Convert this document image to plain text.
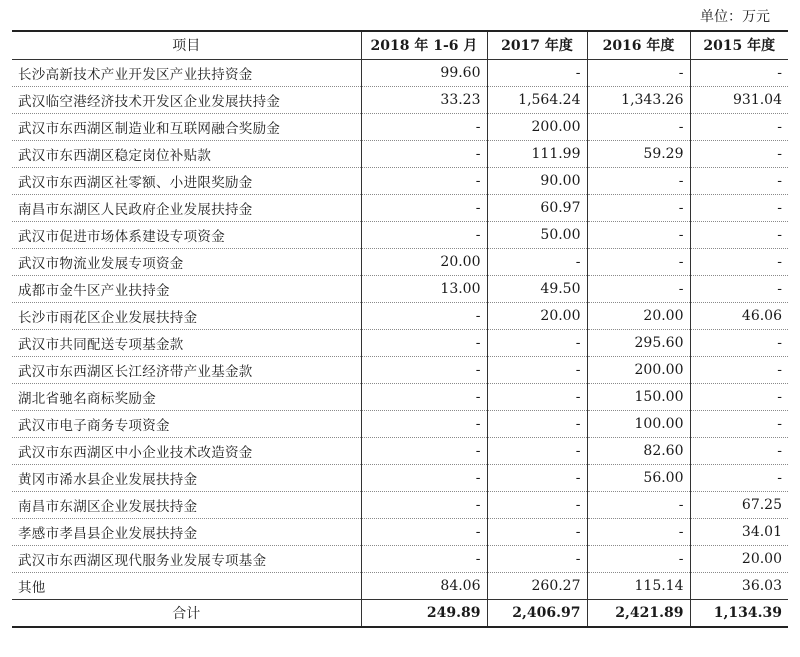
单位：万元
项目	2018 年 1-6 月	2017 年度	2016 年度	2015 年度
长沙高新技术产业开发区产业扶持资金	99.60	-	-	-
武汉临空港经济技术开发区企业发展扶持金	33.23	1,564.24	1,343.26	931.04
武汉市东西湖区制造业和互联网融合奖励金	-	200.00	-	-
武汉市东西湖区稳定岗位补贴款	-	111.99	59.29	-
武汉市东西湖区社零额、小进限奖励金	-	90.00	-	-
南昌市东湖区人民政府企业发展扶持金	-	60.97	-	-
武汉市促进市场体系建设专项资金	-	50.00	-	-
武汉市物流业发展专项资金	20.00	-	-	-
成都市金牛区产业扶持金	13.00	49.50	-	-
长沙市雨花区企业发展扶持金	-	20.00	20.00	46.06
武汉市共同配送专项基金款	-	-	295.60	-
武汉市东西湖区长江经济带产业基金款	-	-	200.00	-
湖北省驰名商标奖励金	-	-	150.00	-
武汉市电子商务专项资金	-	-	100.00	-
武汉市东西湖区中小企业技术改造资金	-	-	82.60	-
黄冈市浠水县企业发展扶持金	-	-	56.00	-
南昌市东湖区企业发展扶持金	-	-	-	67.25
孝感市孝昌县企业发展扶持金	-	-	-	34.01
武汉市东西湖区现代服务业发展专项基金	-	-	-	20.00
其他	84.06	260.27	115.14	36.03
合计	249.89	2,406.97	2,421.89	1,134.39
